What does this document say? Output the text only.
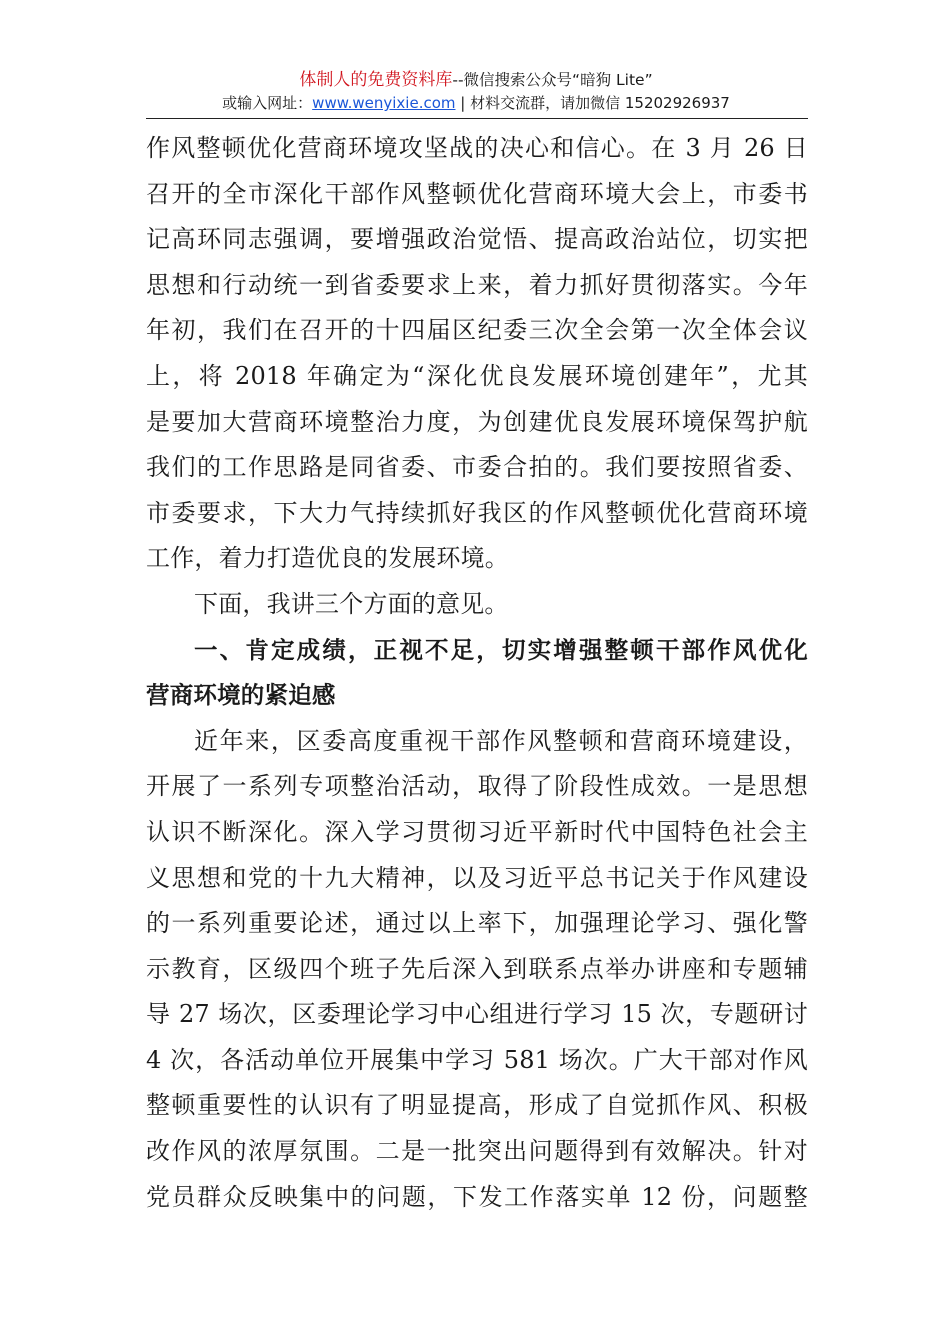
体制人的免费资料库--微信搜索公众号“暗狗 Lite”
或输入网址：www.wenyixie.com | 材料交流群，请加微信 15202926937
作风整顿优化营商环境攻坚战的决心和信心。在 3 月 26 日
召开的全市深化干部作风整顿优化营商环境大会上，市委书
记高环同志强调，要增强政治觉悟、提高政治站位，切实把
思想和行动统一到省委要求上来，着力抓好贯彻落实。今年
年初，我们在召开的十四届区纪委三次全会第一次全体会议
上，将 2018 年确定为“深化优良发展环境创建年”，尤其
是要加大营商环境整治力度，为创建优良发展环境保驾护航
我们的工作思路是同省委、市委合拍的。我们要按照省委、
市委要求，下大力气持续抓好我区的作风整顿优化营商环境
工作，着力打造优良的发展环境。
下面，我讲三个方面的意见。
一、肯定成绩，正视不足，切实增强整顿干部作风优化
营商环境的紧迫感
近年来，区委高度重视干部作风整顿和营商环境建设，
开展了一系列专项整治活动，取得了阶段性成效。一是思想
认识不断深化。深入学习贯彻习近平新时代中国特色社会主
义思想和党的十九大精神，以及习近平总书记关于作风建设
的一系列重要论述，通过以上率下，加强理论学习、强化警
示教育，区级四个班子先后深入到联系点举办讲座和专题辅
导 27 场次，区委理论学习中心组进行学习 15 次，专题研讨
4 次，各活动单位开展集中学习 581 场次。广大干部对作风
整顿重要性的认识有了明显提高，形成了自觉抓作风、积极
改作风的浓厚氛围。二是一批突出问题得到有效解决。针对
党员群众反映集中的问题，下发工作落实单 12 份，问题整
